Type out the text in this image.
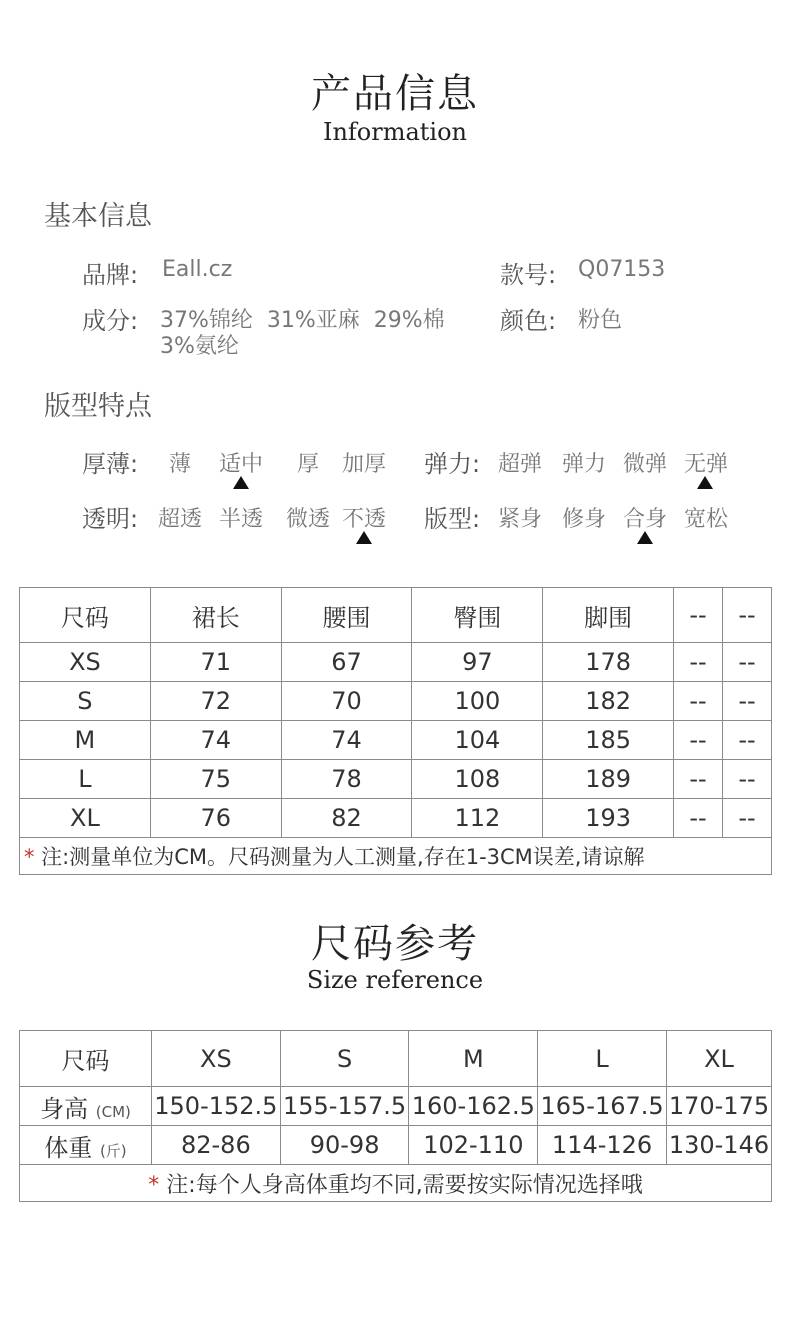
产品信息
Information
基本信息
品牌: Eall.cz	款号: Q07153
成分: 37%锦纶  31%亚麻  29%棉
3%氨纶
颜色: 粉色
版型特点
厚薄:	薄	适中	厚	加厚	弹力: 超弹 弹力 微弹 无弹
透明: 超透 半透	微透 不透	版型: 紧身 修身 合身 宽松
尺码	裙长	腰围	臀围	脚围	--	--
XS	71	67	97	178	--	--
S	72	70	100	182	--	--
M	74	74	104	185	--	--
L	75	78	108	189	--	--
XL	76	82	112	193	--	--
* 注:测量单位为CM。尺码测量为人工测量,存在1-3CM误差,请谅解						
尺码参考
Size reference
尺码	XS	S	M	L	XL
身高 (CM)	150-152.5	155-157.5	160-162.5	165-167.5	170-175
体重 (斤)	82-86	90-98	102-110	114-126	130-146
* 注:每个人身高体重均不同,需要按实际情况选择哦					
